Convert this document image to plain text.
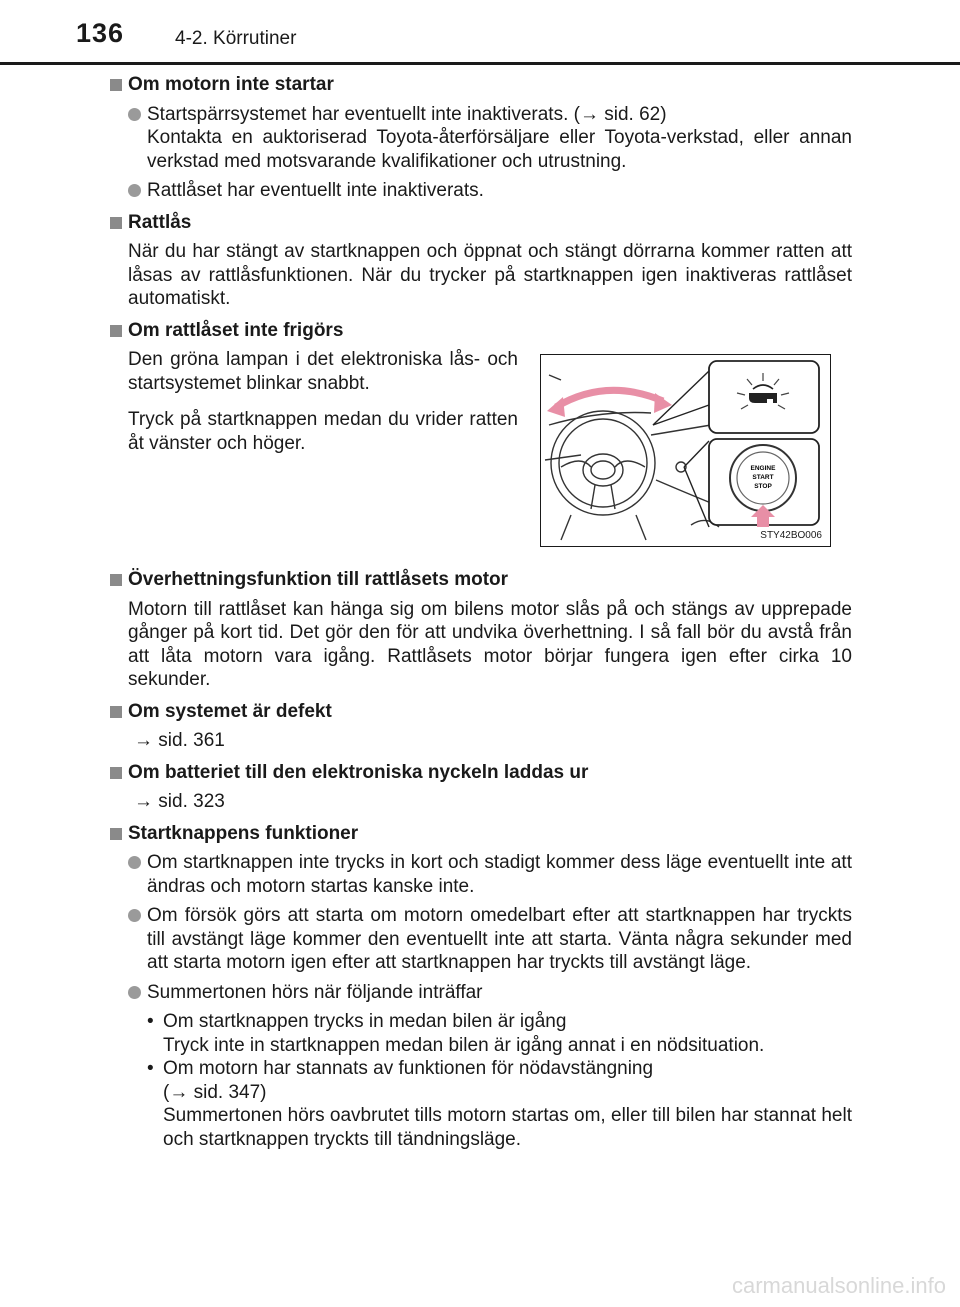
136	4-2. Körrutiner
Om motorn inte startar
Startspärrsystemet har eventuellt inte inaktiverats. (→ sid. 62)
Kontakta en auktoriserad Toyota-återförsäljare eller Toyota-verkstad, eller annan verkstad med motsvarande kvalifikationer och utrustning.
Rattlåset har eventuellt inte inaktiverats.
Rattlås
När du har stängt av startknappen och öppnat och stängt dörrarna kommer ratten att låsas av rattlåsfunktionen. När du trycker på startknappen igen inaktiveras rattlåset automatiskt.
Om rattlåset inte frigörs
Den gröna lampan i det elektroniska lås- och startsystemet blinkar snabbt.
Tryck på startknappen medan du vrider ratten åt vänster och höger.
Överhettningsfunktion till rattlåsets motor
Motorn till rattlåset kan hänga sig om bilens motor slås på och stängs av upprepade gånger på kort tid. Det gör den för att undvika överhettning. I så fall bör du avstå från att låta motorn vara igång. Rattlåsets motor börjar fungera igen efter cirka 10 sekunder.
Om systemet är defekt
→ sid. 361
Om batteriet till den elektroniska nyckeln laddas ur
→ sid. 323
Startknappens funktioner
Om startknappen inte trycks in kort och stadigt kommer dess läge eventuellt inte att ändras och motorn startas kanske inte.
Om försök görs att starta om motorn omedelbart efter att startknappen har tryckts till avstängt läge kommer den eventuellt inte att starta. Vänta några sekunder med att starta motorn igen efter att startknappen har tryckts till avstängt läge.
Summertonen hörs när följande inträffar
• Om startknappen trycks in medan bilen är igång
Tryck inte in startknappen medan bilen är igång annat i en nödsituation.
• Om motorn har stannats av funktionen för nödavstängning
(→ sid. 347)
Summertonen hörs oavbrutet tills motorn startas om, eller till bilen har stannat helt och startknappen tryckts till tändningsläge.
ENGINE
START
STOP
STY42BO006
carmanualsonline.info
